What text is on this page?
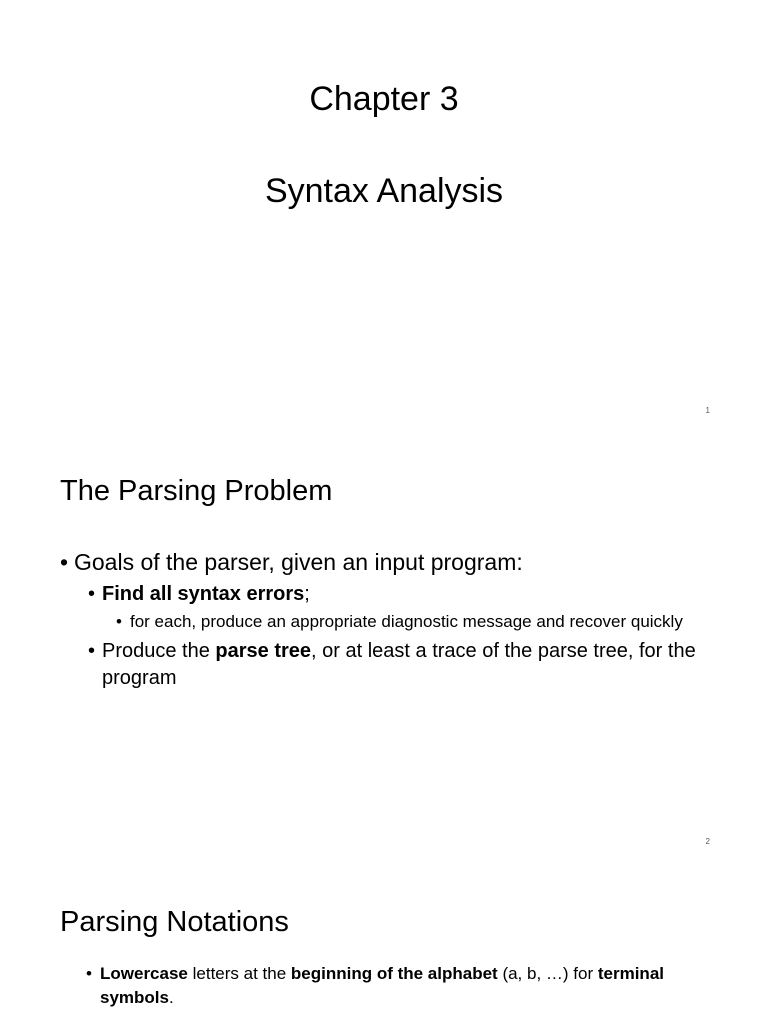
Chapter 3
Syntax Analysis
1
The Parsing Problem
• Goals of the parser, given an input program:
• Find all syntax errors;
• for each, produce an appropriate diagnostic message and recover quickly
• Produce the parse tree, or at least a trace of the parse tree, for the program
2
Parsing Notations
• Lowercase letters at the beginning of the alphabet (a, b, …) for terminal symbols.
